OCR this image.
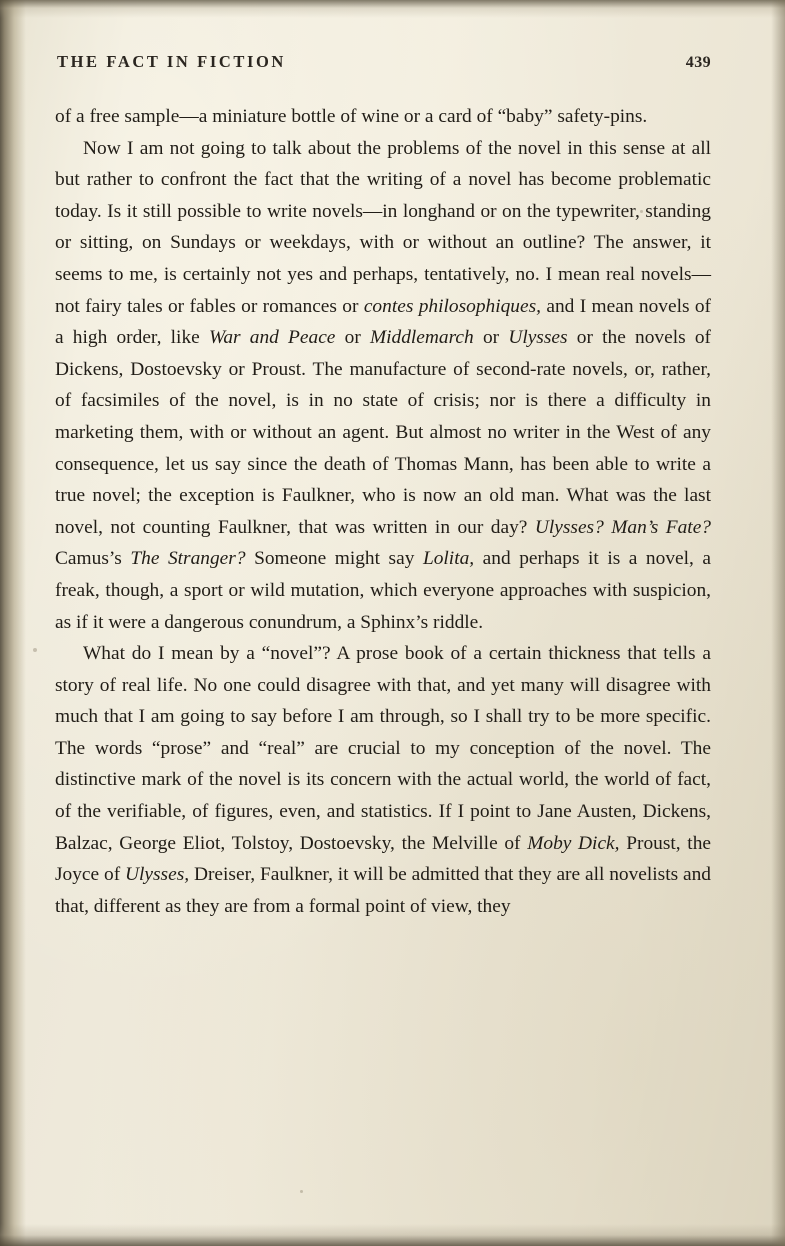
THE FACT IN FICTION	439

of a free sample—a miniature bottle of wine or a card of “baby” safety-pins.

Now I am not going to talk about the problems of the novel in this sense at all but rather to confront the fact that the writing of a novel has become problematic today. Is it still possible to write novels—in longhand or on the typewriter, standing or sitting, on Sundays or weekdays, with or without an outline? The answer, it seems to me, is certainly not yes and perhaps, tentatively, no. I mean real novels—not fairy tales or fables or romances or contes philosophiques, and I mean novels of a high order, like War and Peace or Middlemarch or Ulysses or the novels of Dickens, Dostoevsky or Proust. The manufacture of second-rate novels, or, rather, of facsimiles of the novel, is in no state of crisis; nor is there a difficulty in marketing them, with or without an agent. But almost no writer in the West of any consequence, let us say since the death of Thomas Mann, has been able to write a true novel; the exception is Faulkner, who is now an old man. What was the last novel, not counting Faulkner, that was written in our day? Ulysses? Man’s Fate? Camus’s The Stranger? Someone might say Lolita, and perhaps it is a novel, a freak, though, a sport or wild mutation, which everyone approaches with suspicion, as if it were a dangerous conundrum, a Sphinx’s riddle.

What do I mean by a “novel”? A prose book of a certain thickness that tells a story of real life. No one could disagree with that, and yet many will disagree with much that I am going to say before I am through, so I shall try to be more specific. The words “prose” and “real” are crucial to my conception of the novel. The distinctive mark of the novel is its concern with the actual world, the world of fact, of the verifiable, of figures, even, and statistics. If I point to Jane Austen, Dickens, Balzac, George Eliot, Tolstoy, Dostoevsky, the Melville of Moby Dick, Proust, the Joyce of Ulysses, Dreiser, Faulkner, it will be admitted that they are all novelists and that, different as they are from a formal point of view, they
